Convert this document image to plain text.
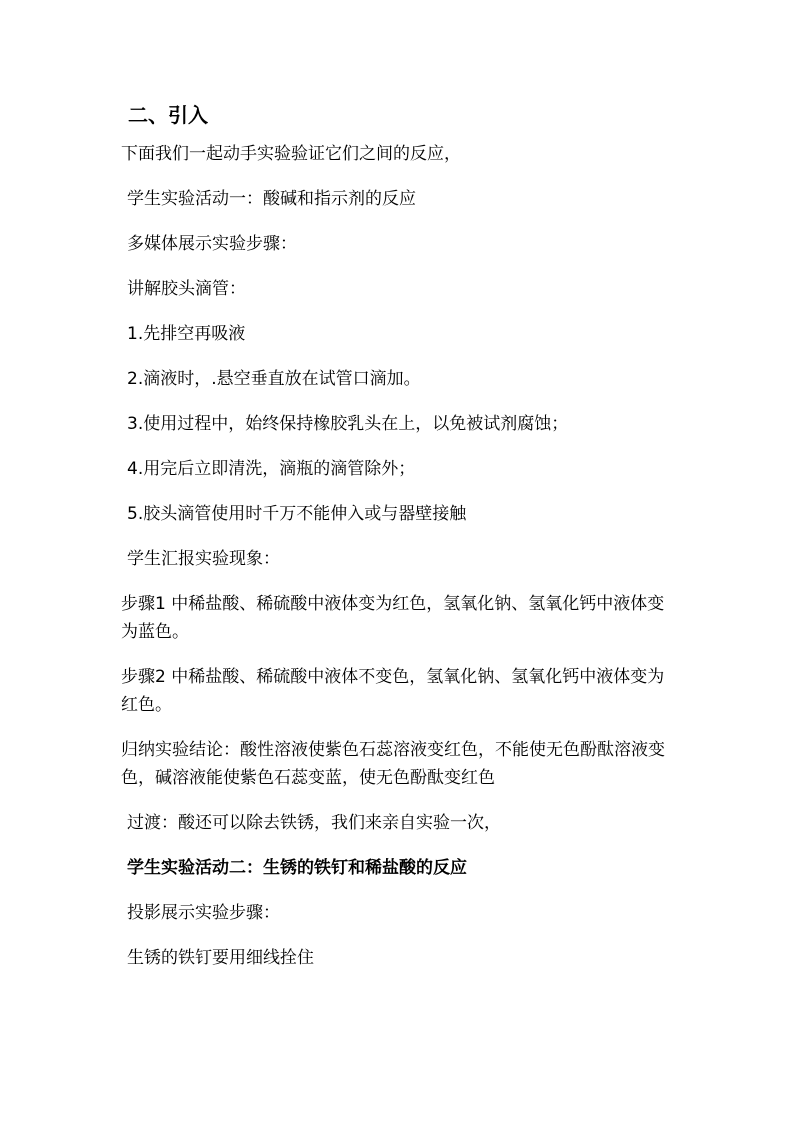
二、引入
下面我们一起动手实验验证它们之间的反应，
学生实验活动一：酸碱和指示剂的反应
多媒体展示实验步骤：
讲解胶头滴管：
1.先排空再吸液
2.滴液时，.悬空垂直放在试管口滴加。
3.使用过程中，始终保持橡胶乳头在上，以免被试剂腐蚀；
4.用完后立即清洗，滴瓶的滴管除外；
5.胶头滴管使用时千万不能伸入或与器壁接触
学生汇报实验现象：
步骤1 中稀盐酸、稀硫酸中液体变为红色，氢氧化钠、氢氧化钙中液体变为蓝色。
步骤2 中稀盐酸、稀硫酸中液体不变色，氢氧化钠、氢氧化钙中液体变为红色。
归纳实验结论：酸性溶液使紫色石蕊溶液变红色，不能使无色酚酞溶液变色，碱溶液能使紫色石蕊变蓝，使无色酚酞变红色
过渡：酸还可以除去铁锈，我们来亲自实验一次，
学生实验活动二：生锈的铁钉和稀盐酸的反应
投影展示实验步骤：
生锈的铁钉要用细线拴住
